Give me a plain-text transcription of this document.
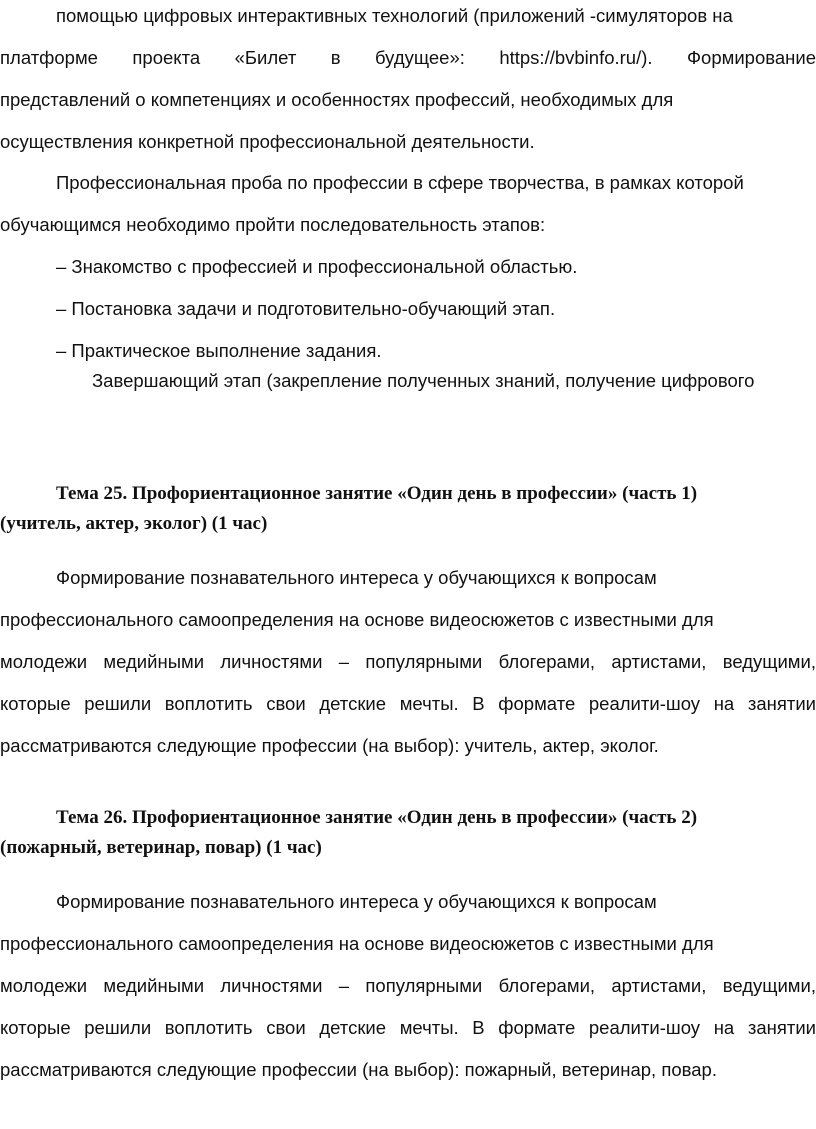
помощью цифровых интерактивных технологий (приложений -симуляторов на

платформе проекта «Билет в будущее»: https://bvbinfo.ru/). Формирование

представлений о компетенциях и особенностях профессий, необходимых для

осуществления конкретной профессиональной деятельности.

Профессиональная проба по профессии в сфере творчества, в рамках которой

обучающимся необходимо пройти последовательность этапов:

– Знакомство с профессией и профессиональной областью.

– Постановка задачи и подготовительно-обучающий этап.

– Практическое выполнение задания.

Завершающий этап (закрепление полученных знаний, получение цифрового

Тема 25. Профориентационное занятие «Один день в профессии» (часть 1)

(учитель, актер, эколог) (1 час)

Формирование познавательного интереса у обучающихся к вопросам

профессионального самоопределения на основе видеосюжетов с известными для

молодежи медийными личностями – популярными блогерами, артистами, ведущими,

которые решили воплотить свои детские мечты. В формате реалити-шоу на занятии

рассматриваются следующие профессии (на выбор): учитель, актер, эколог.

Тема 26. Профориентационное занятие «Один день в профессии» (часть 2)

(пожарный, ветеринар, повар) (1 час)

Формирование познавательного интереса у обучающихся к вопросам

профессионального самоопределения на основе видеосюжетов с известными для

молодежи медийными личностями – популярными блогерами, артистами, ведущими,

которые решили воплотить свои детские мечты. В формате реалити-шоу на занятии

рассматриваются следующие профессии (на выбор): пожарный, ветеринар, повар.
